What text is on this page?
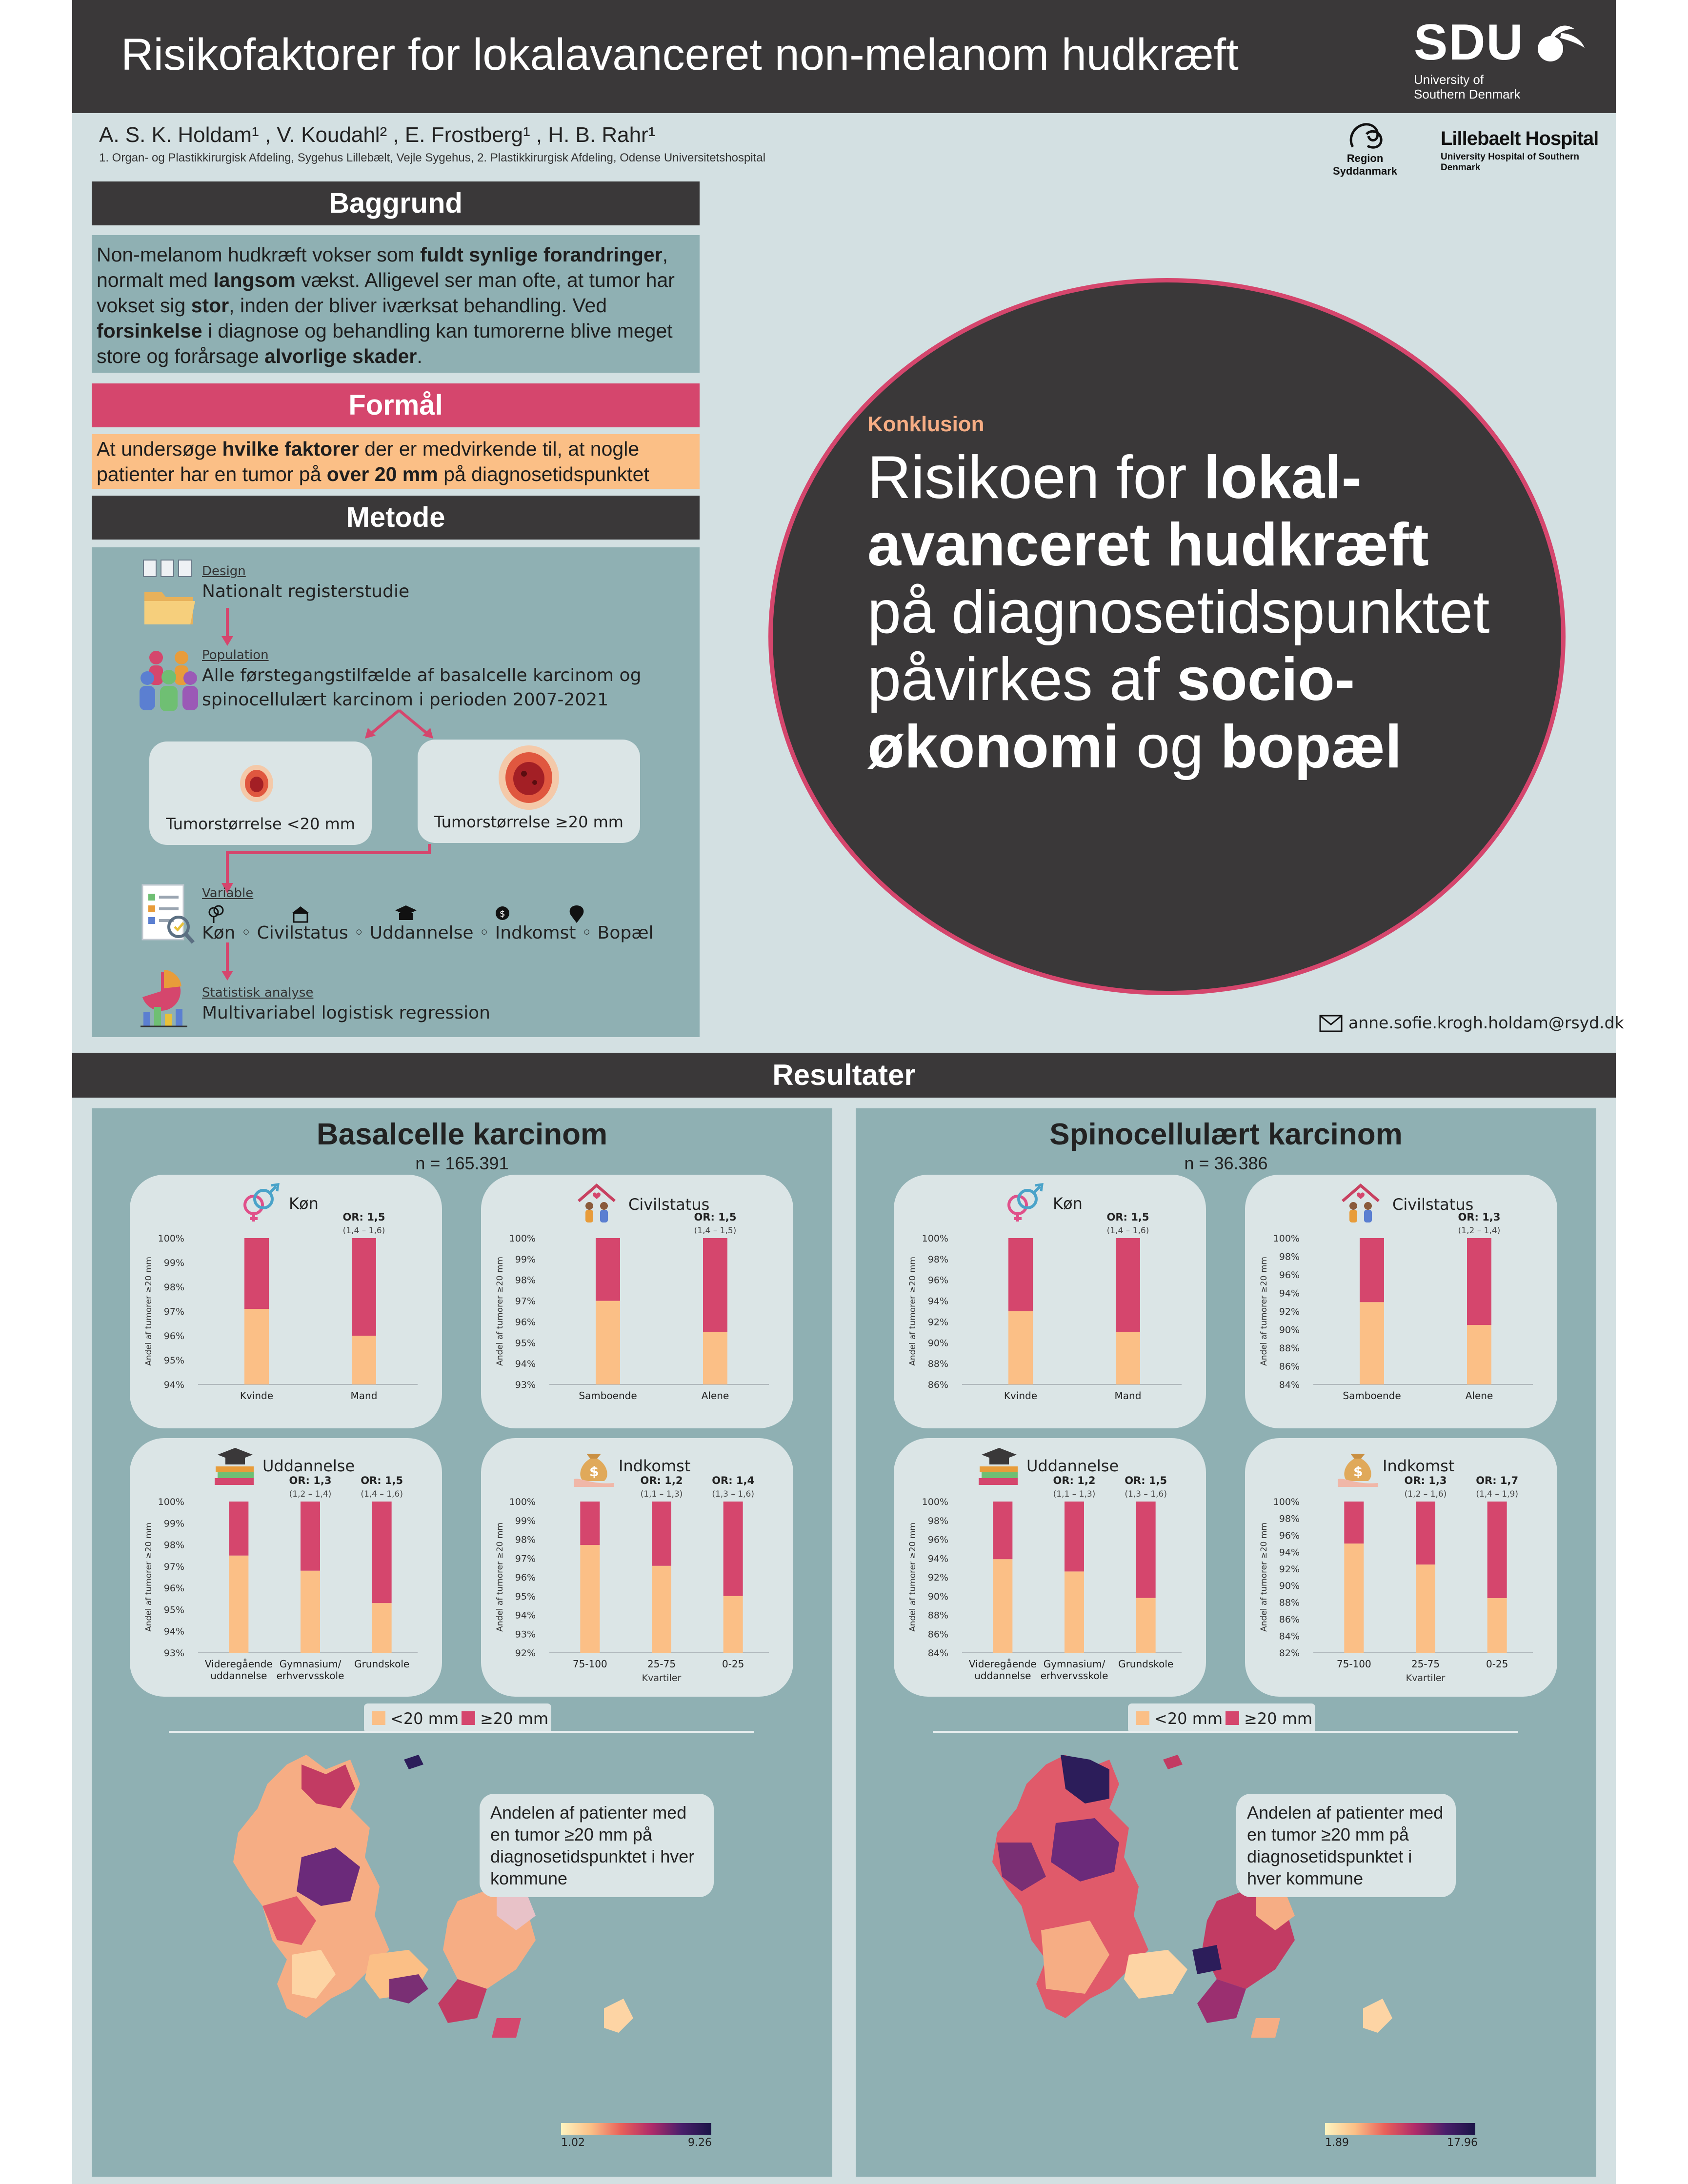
Risikofaktorer for lokalavanceret non-melanom hudkræft	SDU
University of
Southern Denmark
A. S. K. Holdam¹ , V. Koudahl² , E. Frostberg¹ , H. B. Rahr¹
1. Organ- og Plastikkirurgisk Afdeling, Sygehus Lillebælt, Vejle Sygehus, 2. Plastikkirurgisk Afdeling, Odense Universitetshospital	Region Syddanmark
Lillebaelt Hospital
University Hospital of Southern Denmark
Baggrund
Non-melanom hudkræft vokser som fuldt synlige forandringer, normalt med langsom vækst. Alligevel ser man ofte, at tumor har vokset sig stor, inden der bliver iværksat behandling. Ved forsinkelse i diagnose og behandling kan tumorerne blive meget store og forårsage alvorlige skader.
Formål
At undersøge hvilke faktorer der er medvirkende til, at nogle patienter har en tumor på over 20 mm på diagnosetidspunktet
Metode
Design
Nationalt registerstudie
Population
Alle førstegangstilfælde af basalcelle karcinom og
spinocellulært karcinom i perioden 2007-2021
Tumorstørrelse <20 mm	Tumorstørrelse ≥20 mm
Variable
$
Køn ◦ Civilstatus ◦ Uddannelse ◦ Indkomst ◦ Bopæl
Statistisk analyse
Multivariabel logistisk regression
Konklusion
Risikoen for lokal-
avanceret hudkræft
på diagnosetidspunktet
påvirkes af socio-
økonomi og bopæl
anne.sofie.krogh.holdam@rsyd.dk
Resultater
Basalcelle karcinom
n = 165.391
Køn
100%
99%
98%
97%
96%
95%
94%
Andel af tumorer ≥20 mm
Kvinde	Mand
OR: 1,5
(1,4 – 1,6)
Civilstatus
100%
99%
98%
97%
96%
95%
94%
93%
Andel af tumorer ≥20 mm
Samboende	Alene
OR: 1,5
(1,4 – 1,5)
Uddannelse
100%
99%
98%
97%
96%
95%
94%
93%
Andel af tumorer ≥20 mm
Videregående
uddannelse
Gymnasium/
erhvervsskole
OR: 1,3
(1,2 – 1,4)
Grundskole
OR: 1,5
(1,4 – 1,6)
$ Indkomst
100%
99%
98%
97%
96%
95%
94%
93%
92%
Andel af tumorer ≥20 mm
75-100	25-75
OR: 1,2
(1,1 – 1,3)
0-25
OR: 1,4
(1,3 – 1,6)
Kvartiler
<20 mm ≥20 mm
Andelen af patienter med en tumor ≥20 mm på diagnosetidspunktet i hver kommune
1.02	9.26
Spinocellulært karcinom
n = 36.386
Køn
100%
98%
96%
94%
92%
90%
88%
86%
Andel af tumorer ≥20 mm
Kvinde	Mand
OR: 1,5
(1,4 – 1,6)
Civilstatus
100%
98%
96%
94%
92%
90%
88%
86%
84%
Andel af tumorer ≥20 mm
Samboende	Alene
OR: 1,3
(1,2 – 1,4)
Uddannelse
100%
98%
96%
94%
92%
90%
88%
86%
84%
Andel af tumorer ≥20 mm
Videregående
uddannelse
Gymnasium/
erhvervsskole
OR: 1,2
(1,1 – 1,3)
Grundskole
OR: 1,5
(1,3 – 1,6)
$ Indkomst
100%
98%
96%
94%
92%
90%
88%
86%
84%
82%
Andel af tumorer ≥20 mm
75-100	25-75
OR: 1,3
(1,2 – 1,6)
0-25
OR: 1,7
(1,4 – 1,9)
Kvartiler
<20 mm ≥20 mm
Andelen af patienter med en tumor ≥20 mm på diagnosetidspunktet i hver kommune
1.89	17.96
